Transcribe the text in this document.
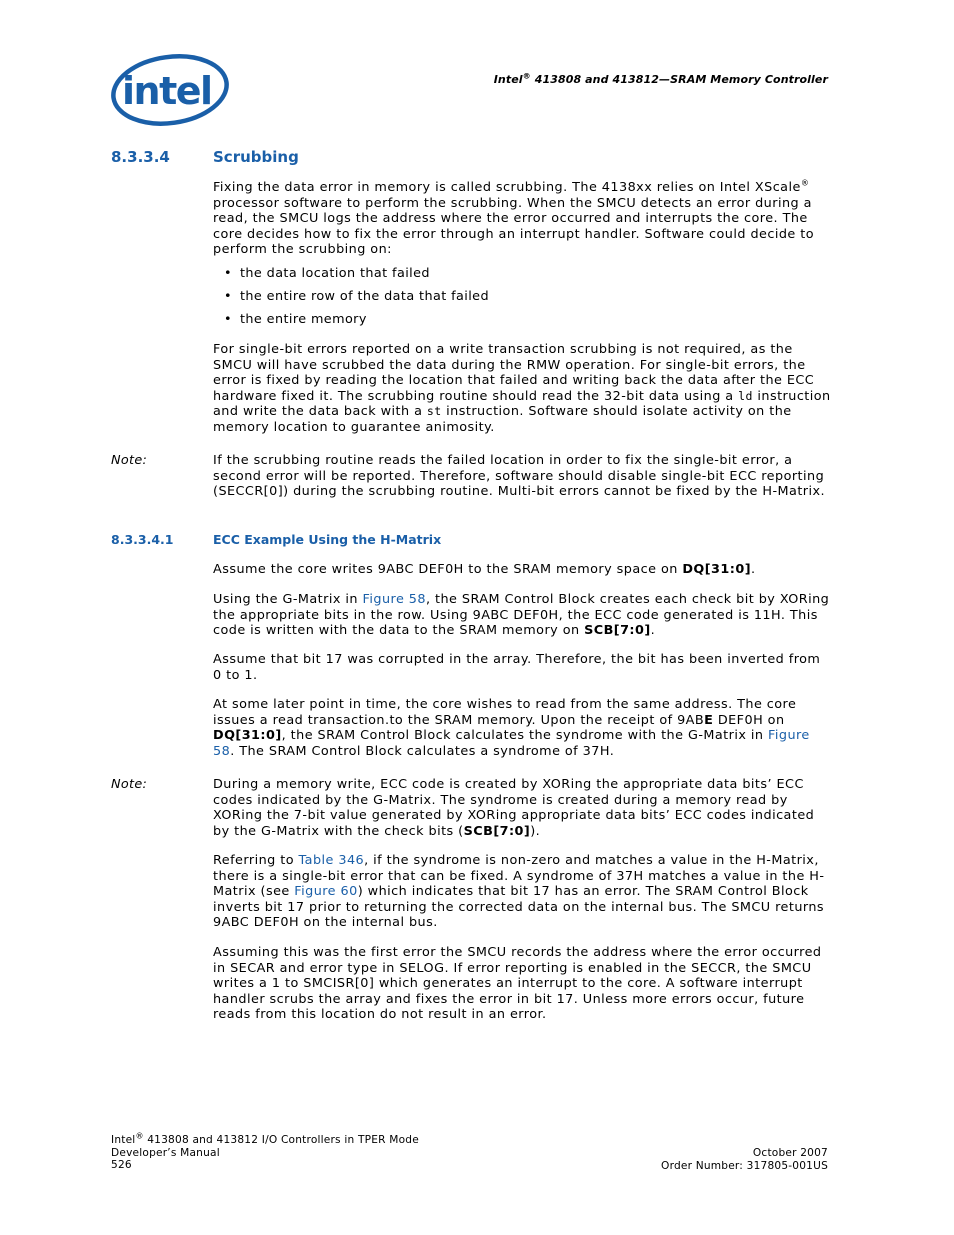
intel	Intel® 413808 and 413812—SRAM Memory Controller
8.3.3.4	Scrubbing
Fixing the data error in memory is called scrubbing. The 4138xx relies on Intel XScale® processor software to perform the scrubbing. When the SMCU detects an error during a read, the SMCU logs the address where the error occurred and interrupts the core. The core decides how to fix the error through an interrupt handler. Software could decide to perform the scrubbing on:
• the data location that failed
• the entire row of the data that failed
• the entire memory
For single-bit errors reported on a write transaction scrubbing is not required, as the SMCU will have scrubbed the data during the RMW operation. For single-bit errors, the error is fixed by reading the location that failed and writing back the data after the ECC hardware fixed it. The scrubbing routine should read the 32-bit data using a ld instruction and write the data back with a st instruction. Software should isolate activity on the memory location to guarantee animosity.
Note:	If the scrubbing routine reads the failed location in order to fix the single-bit error, a second error will be reported. Therefore, software should disable single-bit ECC reporting (SECCR[0]) during the scrubbing routine. Multi-bit errors cannot be fixed by the H-Matrix.
8.3.3.4.1	ECC Example Using the H-Matrix
Assume the core writes 9ABC DEF0H to the SRAM memory space on DQ[31:0].
Using the G-Matrix in Figure 58, the SRAM Control Block creates each check bit by XORing the appropriate bits in the row. Using 9ABC DEF0H, the ECC code generated is 11H. This code is written with the data to the SRAM memory on SCB[7:0].
Assume that bit 17 was corrupted in the array. Therefore, the bit has been inverted from 0 to 1.
At some later point in time, the core wishes to read from the same address. The core issues a read transaction.to the SRAM memory. Upon the receipt of 9ABE DEF0H on DQ[31:0], the SRAM Control Block calculates the syndrome with the G-Matrix in Figure 58. The SRAM Control Block calculates a syndrome of 37H.
Note:	During a memory write, ECC code is created by XORing the appropriate data bits’ ECC codes indicated by the G-Matrix. The syndrome is created during a memory read by XORing the 7-bit value generated by XORing appropriate data bits’ ECC codes indicated by the G-Matrix with the check bits (SCB[7:0]).
Referring to Table 346, if the syndrome is non-zero and matches a value in the H-Matrix, there is a single-bit error that can be fixed. A syndrome of 37H matches a value in the H-Matrix (see Figure 60) which indicates that bit 17 has an error. The SRAM Control Block inverts bit 17 prior to returning the corrected data on the internal bus. The SMCU returns 9ABC DEF0H on the internal bus.
Assuming this was the first error the SMCU records the address where the error occurred in SECAR and error type in SELOG. If error reporting is enabled in the SECCR, the SMCU writes a 1 to SMCISR[0] which generates an interrupt to the core. A software interrupt handler scrubs the array and fixes the error in bit 17. Unless more errors occur, future reads from this location do not result in an error.
Intel® 413808 and 413812 I/O Controllers in TPER Mode
Developer’s Manual
526
October 2007
Order Number: 317805-001US
